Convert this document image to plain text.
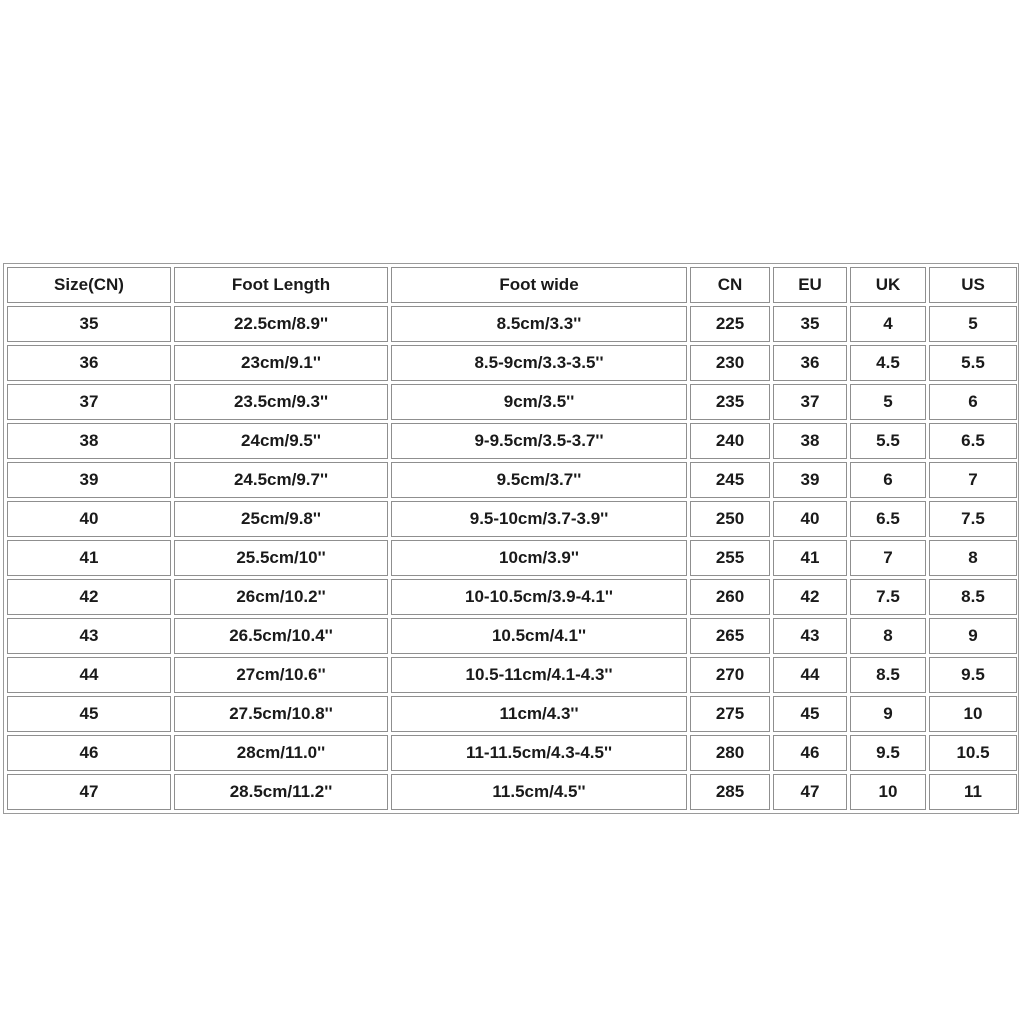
Size(CN)	Foot Length	Foot wide	CN	EU	UK	US
35	22.5cm/8.9''	8.5cm/3.3''	225	35	4	5
36	23cm/9.1''	8.5-9cm/3.3-3.5''	230	36	4.5	5.5
37	23.5cm/9.3''	9cm/3.5''	235	37	5	6
38	24cm/9.5''	9-9.5cm/3.5-3.7''	240	38	5.5	6.5
39	24.5cm/9.7''	9.5cm/3.7''	245	39	6	7
40	25cm/9.8''	9.5-10cm/3.7-3.9''	250	40	6.5	7.5
41	25.5cm/10''	10cm/3.9''	255	41	7	8
42	26cm/10.2''	10-10.5cm/3.9-4.1''	260	42	7.5	8.5
43	26.5cm/10.4''	10.5cm/4.1''	265	43	8	9
44	27cm/10.6''	10.5-11cm/4.1-4.3''	270	44	8.5	9.5
45	27.5cm/10.8''	11cm/4.3''	275	45	9	10
46	28cm/11.0''	11-11.5cm/4.3-4.5''	280	46	9.5	10.5
47	28.5cm/11.2''	11.5cm/4.5''	285	47	10	11
